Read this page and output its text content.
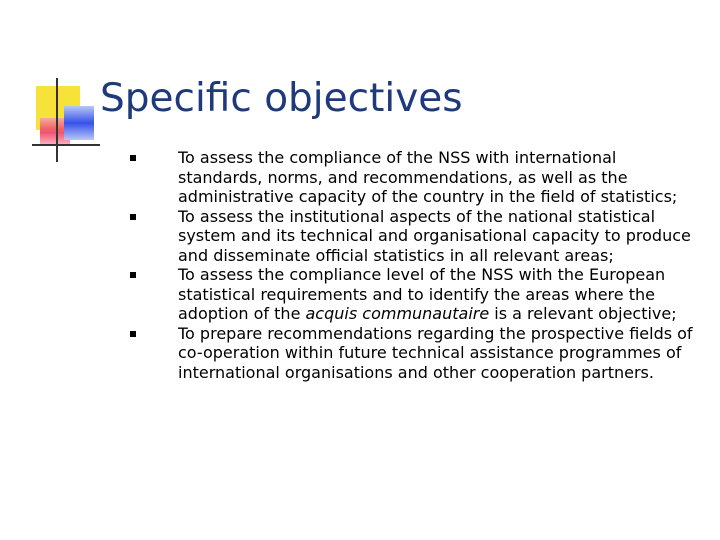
Specific objectives
To assess the compliance of the NSS with international standards, norms, and recommendations, as well as the administrative capacity of the country in the field of statistics;
To assess the institutional aspects of the national statistical system and its technical and organisational capacity to produce and disseminate official statistics in all relevant areas;
To assess the compliance level of the NSS with the European statistical requirements and to identify the areas where the adoption of the acquis communautaire is a relevant objective;
To prepare recommendations regarding the prospective fields of co-operation within future technical assistance programmes of international organisations and other cooperation partners.
